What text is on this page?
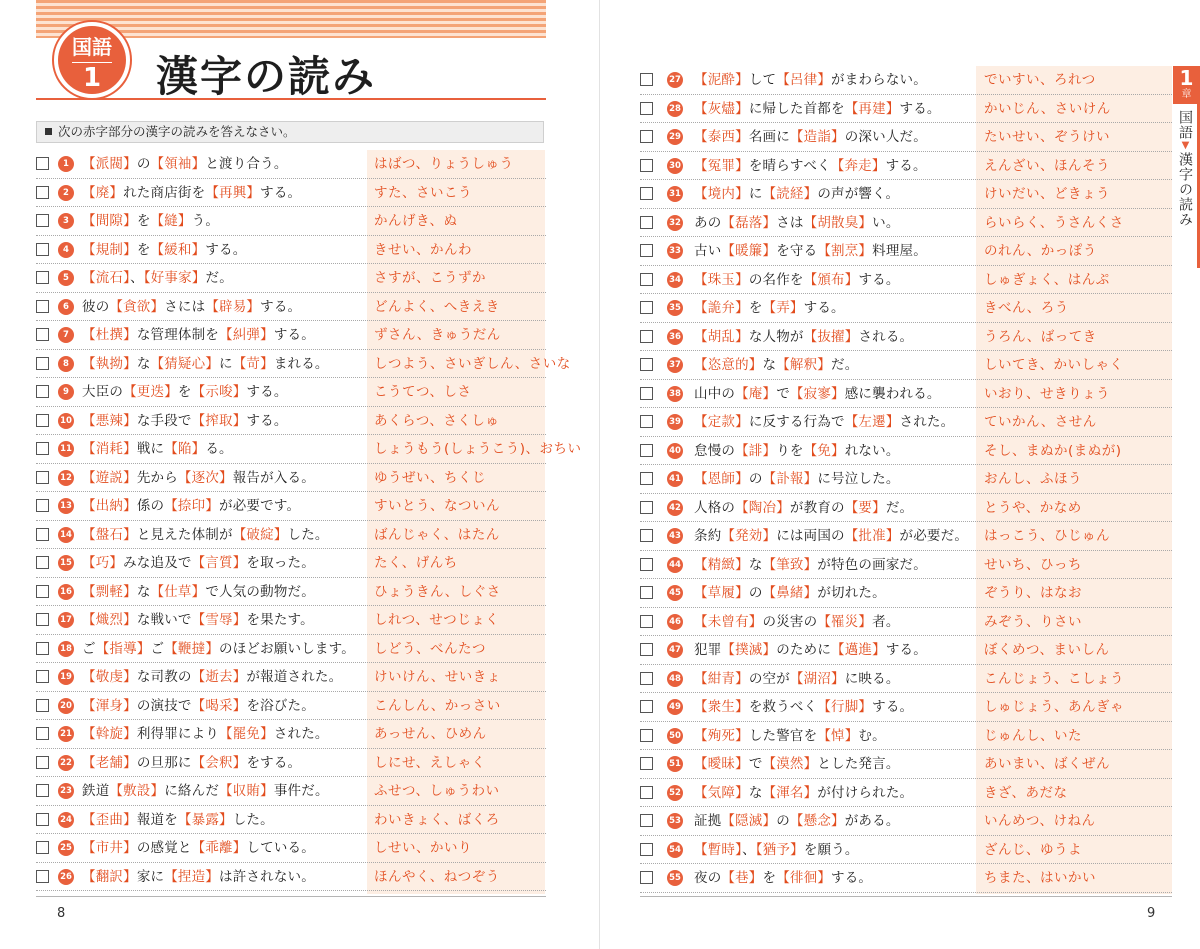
国語
1	漢字の読み
次の赤字部分の漢字の読みを答えなさい。
1 【派閥】の【領袖】と渡り合う。	はばつ、りょうしゅう
2 【廃】れた商店街を【再興】する。	すた、さいこう
3 【間隙】を【縫】う。	かんげき、ぬ
4 【規制】を【緩和】する。	きせい、かんわ
5 【流石】、【好事家】だ。	さすが、こうずか
6 彼の【貪欲】さには【辟易】する。	どんよく、へきえき
7 【杜撰】な管理体制を【糾弾】する。	ずさん、きゅうだん
8 【執拗】な【猜疑心】に【苛】まれる。	しつよう、さいぎしん、さいな
9 大臣の【更迭】を【示唆】する。	こうてつ、しさ
10 【悪辣】な手段で【搾取】する。	あくらつ、さくしゅ
11 【消耗】戦に【陥】る。	しょうもう(しょうこう)、おちい
12 【遊説】先から【逐次】報告が入る。	ゆうぜい、ちくじ
13 【出納】係の【捺印】が必要です。	すいとう、なついん
14 【盤石】と見えた体制が【破綻】した。	ばんじゃく、はたん
15 【巧】みな追及で【言質】を取った。	たく、げんち
16 【剽軽】な【仕草】で人気の動物だ。	ひょうきん、しぐさ
17 【熾烈】な戦いで【雪辱】を果たす。	しれつ、せつじょく
18 ご【指導】ご【鞭撻】のほどお願いします。 しどう、べんたつ
19 【敬虔】な司教の【逝去】が報道された。 けいけん、せいきょ
20 【渾身】の演技で【喝采】を浴びた。	こんしん、かっさい
21 【斡旋】利得罪により【罷免】された。	あっせん、ひめん
22 【老舗】の旦那に【会釈】をする。	しにせ、えしゃく
23 鉄道【敷設】に絡んだ【収賄】事件だ。	ふせつ、しゅうわい
24 【歪曲】報道を【暴露】した。	わいきょく、ばくろ
25 【市井】の感覚と【乖離】している。	しせい、かいり
26 【翻訳】家に【捏造】は許されない。	ほんやく、ねつぞう
8
27 【泥酔】して【呂律】がまわらない。	でいすい、ろれつ
28 【灰燼】に帰した首都を【再建】する。	かいじん、さいけん
29 【泰西】名画に【造詣】の深い人だ。	たいせい、ぞうけい
30 【冤罪】を晴らすべく【奔走】する。	えんざい、ほんそう
31 【境内】に【読経】の声が響く。	けいだい、どきょう
32 あの【磊落】さは【胡散臭】い。	らいらく、うさんくさ
33 古い【暖簾】を守る【割烹】料理屋。	のれん、かっぽう
34 【珠玉】の名作を【頒布】する。	しゅぎょく、はんぷ
35 【詭弁】を【弄】する。	きべん、ろう
36 【胡乱】な人物が【抜擢】される。	うろん、ばってき
37 【恣意的】な【解釈】だ。	しいてき、かいしゃく
38 山中の【庵】で【寂寥】感に襲われる。	いおり、せきりょう
39 【定款】に反する行為で【左遷】された。 ていかん、させん
40 怠慢の【誹】りを【免】れない。	そし、まぬか(まぬが)
41 【恩師】の【訃報】に号泣した。	おんし、ふほう
42 人格の【陶冶】が教育の【要】だ。	とうや、かなめ
43 条約【発効】には両国の【批准】が必要だ。 はっこう、ひじゅん
44 【精緻】な【筆致】が特色の画家だ。	せいち、ひっち
45 【草履】の【鼻緒】が切れた。	ぞうり、はなお
46 【未曾有】の災害の【罹災】者。	みぞう、りさい
47 犯罪【撲滅】のために【邁進】する。	ぼくめつ、まいしん
48 【紺青】の空が【湖沼】に映る。	こんじょう、こしょう
49 【衆生】を救うべく【行脚】する。	しゅじょう、あんぎゃ
50 【殉死】した警官を【悼】む。	じゅんし、いた
51 【曖昧】で【漠然】とした発言。	あいまい、ばくぜん
52 【気障】な【渾名】が付けられた。	きざ、あだな
53 証拠【隠滅】の【懸念】がある。	いんめつ、けねん
54 【暫時】、【猶予】を願う。	ざんじ、ゆうよ
55 夜の【巷】を【徘徊】する。	ちまた、はいかい
9
1
章
国語▼漢字の読み
